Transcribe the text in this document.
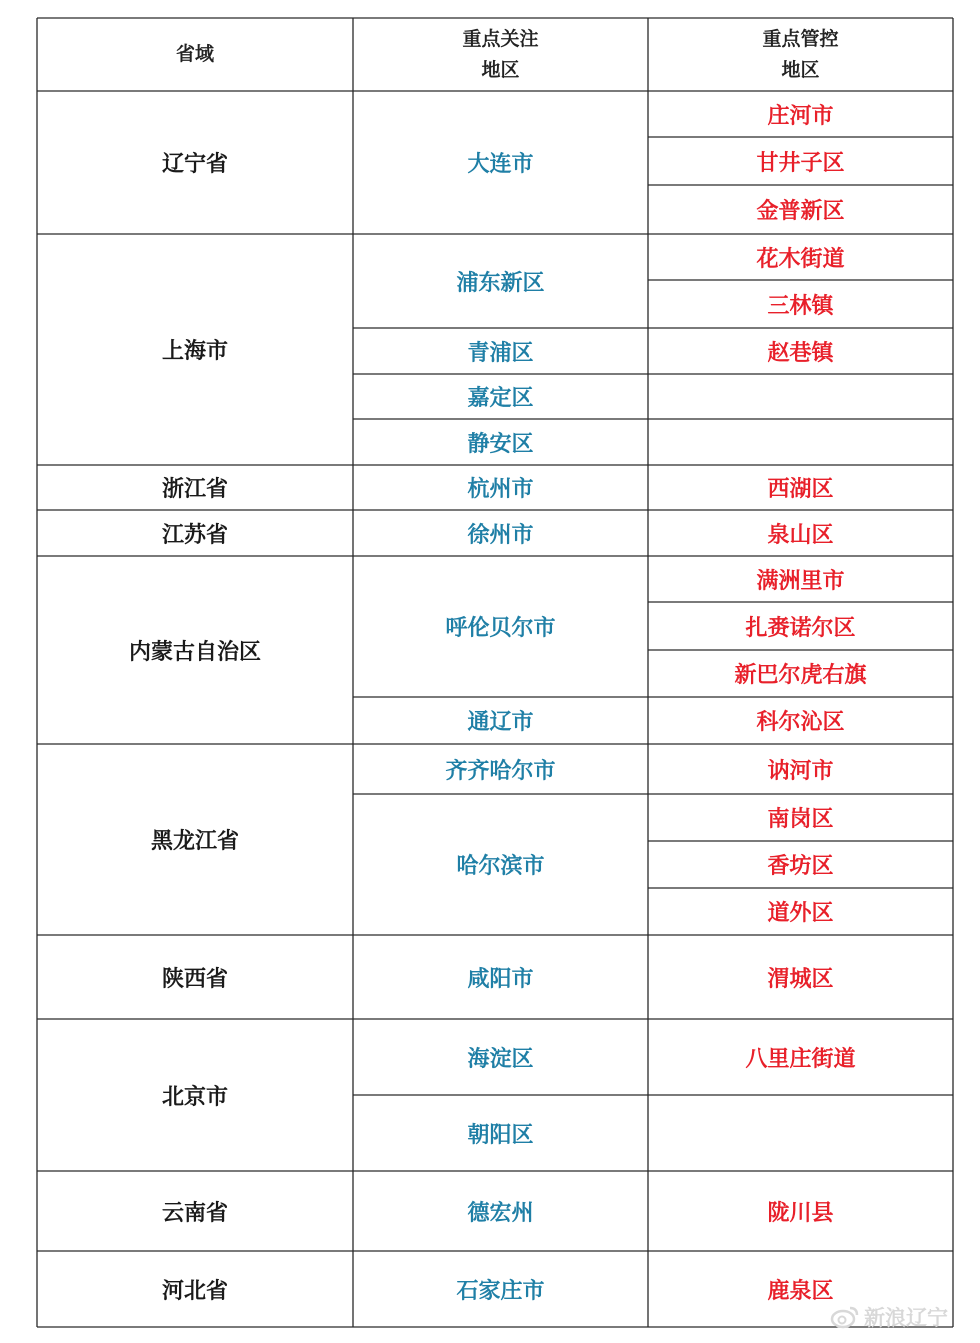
省域
重点关注
地区
重点管控
地区
辽宁省
上海市
浙江省
江苏省
内蒙古自治区
黑龙江省
陕西省
北京市
云南省
河北省
大连市
浦东新区
青浦区
嘉定区
静安区
杭州市
徐州市
呼伦贝尔市
通辽市
齐齐哈尔市
哈尔滨市
咸阳市
海淀区
朝阳区
德宏州
石家庄市
庄河市
甘井子区
金普新区
花木街道
三林镇
赵巷镇
西湖区
泉山区
满洲里市
扎赉诺尔区
新巴尔虎右旗
科尔沁区
讷河市
南岗区
香坊区
道外区
渭城区
八里庄街道
陇川县
鹿泉区
新浪辽宁
